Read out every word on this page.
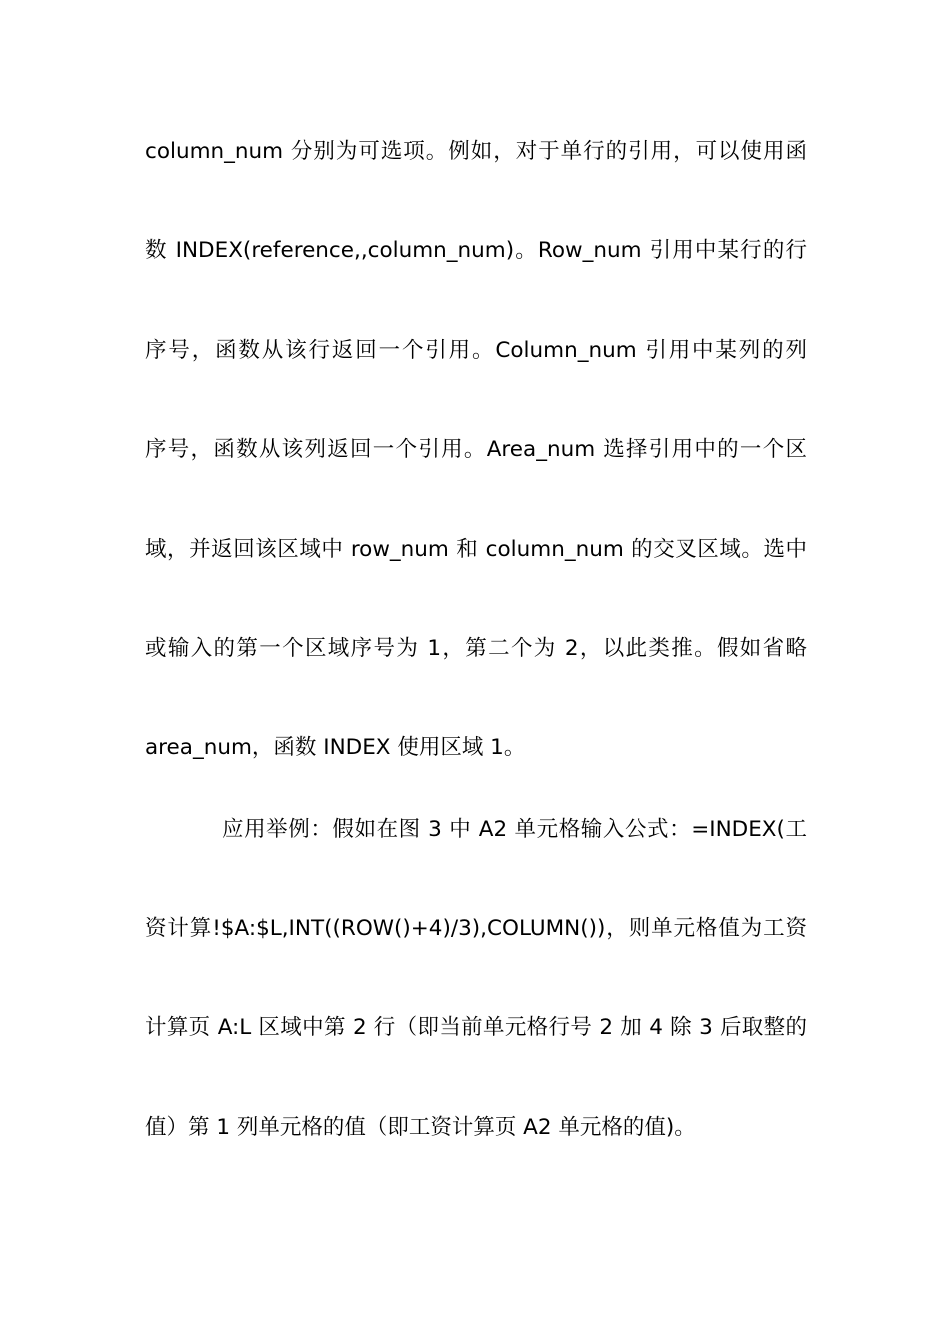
column_num 分别为可选项。例如，对于单行的引用，可以使用函
数 INDEX(reference,,column_num)。Row_num 引用中某行的行
序号，函数从该行返回一个引用。Column_num 引用中某列的列
序号，函数从该列返回一个引用。Area_num 选择引用中的一个区
域，并返回该区域中 row_num 和 column_num 的交叉区域。选中
或输入的第一个区域序号为 1，第二个为 2，以此类推。假如省略
area_num，函数 INDEX 使用区域 1。
应用举例：假如在图 3 中 A2 单元格输入公式：=INDEX(工
资计算!$A:$L,INT((ROW()+4)/3),COLUMN())，则单元格值为工资
计算页 A:L 区域中第 2 行（即当前单元格行号 2 加 4 除 3 后取整的
值）第 1 列单元格的值（即工资计算页 A2 单元格的值)。
